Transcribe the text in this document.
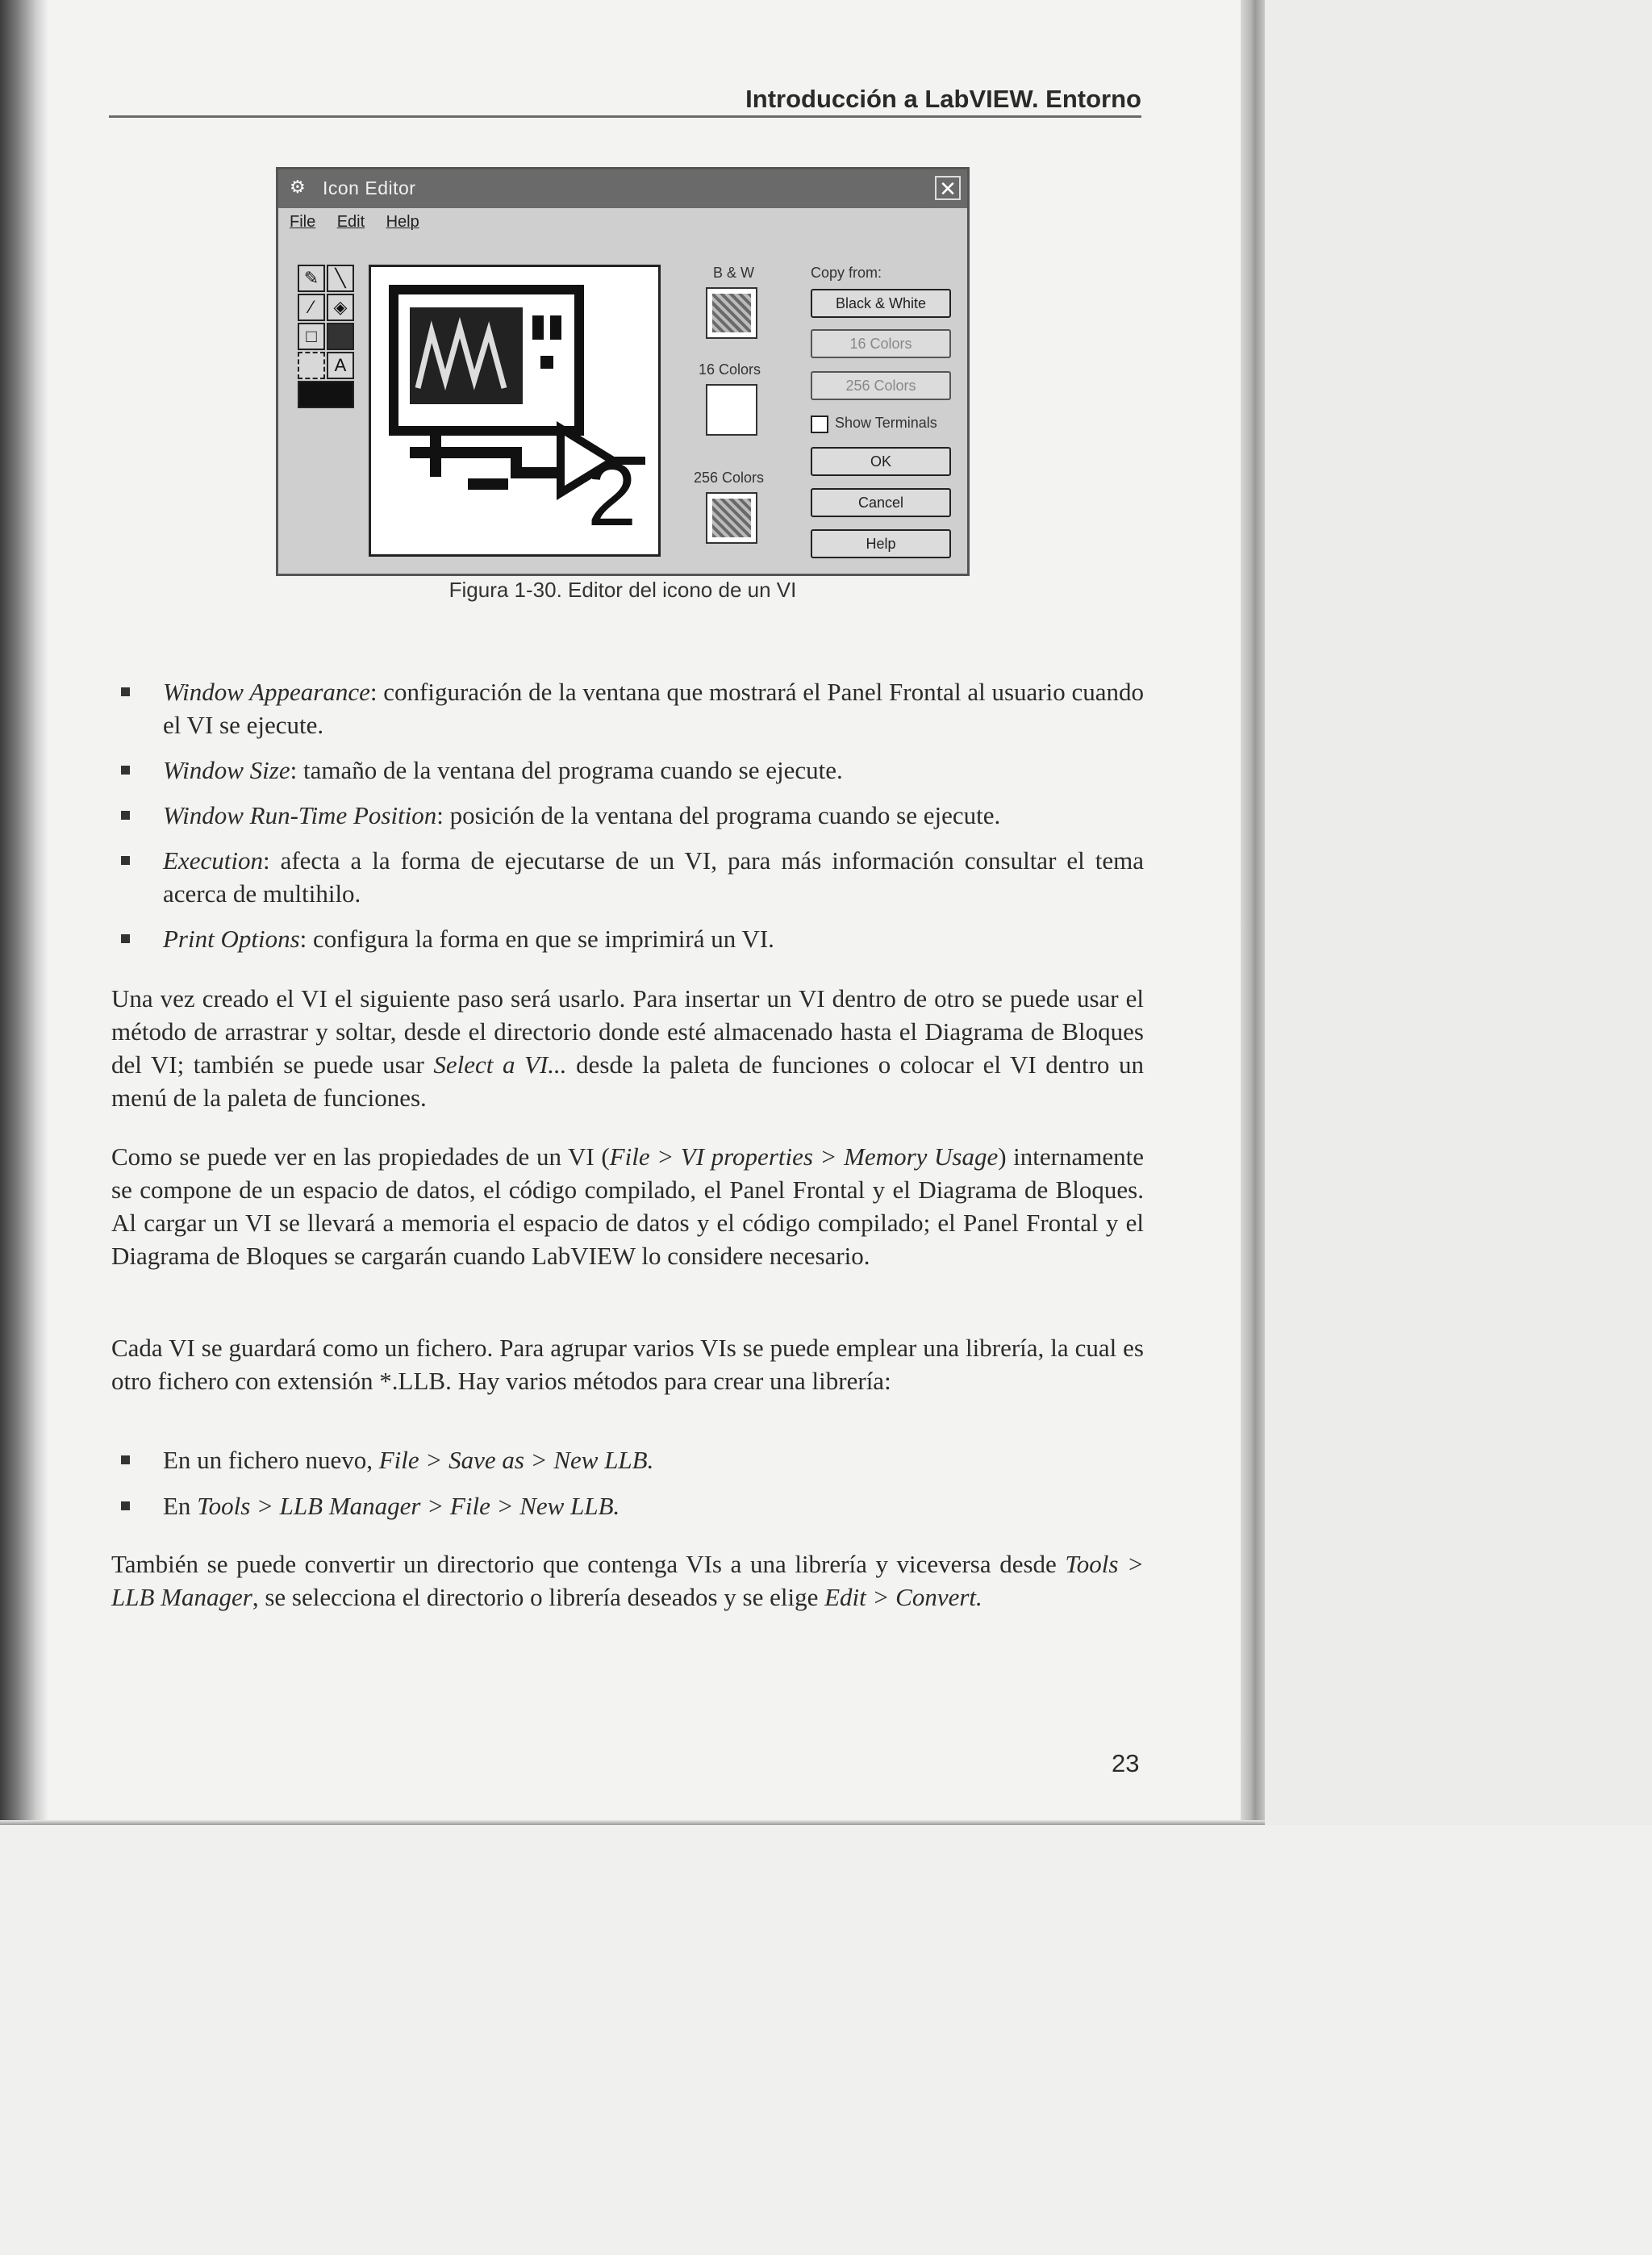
Introducción a LabVIEW. Entorno
⚙ Icon Editor	✕
File Edit Help
✎ ╲
⁄	◈
□
A
2
B & W
16 Colors
256 Colors
Copy from:
Black & White
16 Colors
256 Colors
Show Terminals
OK
Cancel
Help
Figura 1-30. Editor del icono de un VI
Window Appearance: configuración de la ventana que mostrará el Panel Frontal al usuario cuando el VI se ejecute.
Window Size: tamaño de la ventana del programa cuando se ejecute.
Window Run-Time Position: posición de la ventana del programa cuando se ejecute.
Execution: afecta a la forma de ejecutarse de un VI, para más información consultar el tema acerca de multihilo.
Print Options: configura la forma en que se imprimirá un VI.
Una vez creado el VI el siguiente paso será usarlo. Para insertar un VI dentro de otro se puede usar el método de arrastrar y soltar, desde el directorio donde esté almacenado hasta el Diagrama de Bloques del VI; también se puede usar Select a VI... desde la paleta de funciones o colocar el VI dentro un menú de la paleta de funciones.
Como se puede ver en las propiedades de un VI (File > VI properties > Memory Usage) internamente se compone de un espacio de datos, el código compilado, el Panel Frontal y el Diagrama de Bloques. Al cargar un VI se llevará a memoria el espacio de datos y el código compilado; el Panel Frontal y el Diagrama de Bloques se cargarán cuando LabVIEW lo considere necesario.
Cada VI se guardará como un fichero. Para agrupar varios VIs se puede emplear una librería, la cual es otro fichero con extensión *.LLB. Hay varios métodos para crear una librería:
En un fichero nuevo, File > Save as > New LLB.
En Tools > LLB Manager > File > New LLB.
También se puede convertir un directorio que contenga VIs a una librería y viceversa desde Tools > LLB Manager, se selecciona el directorio o librería deseados y se elige Edit > Convert.
23
